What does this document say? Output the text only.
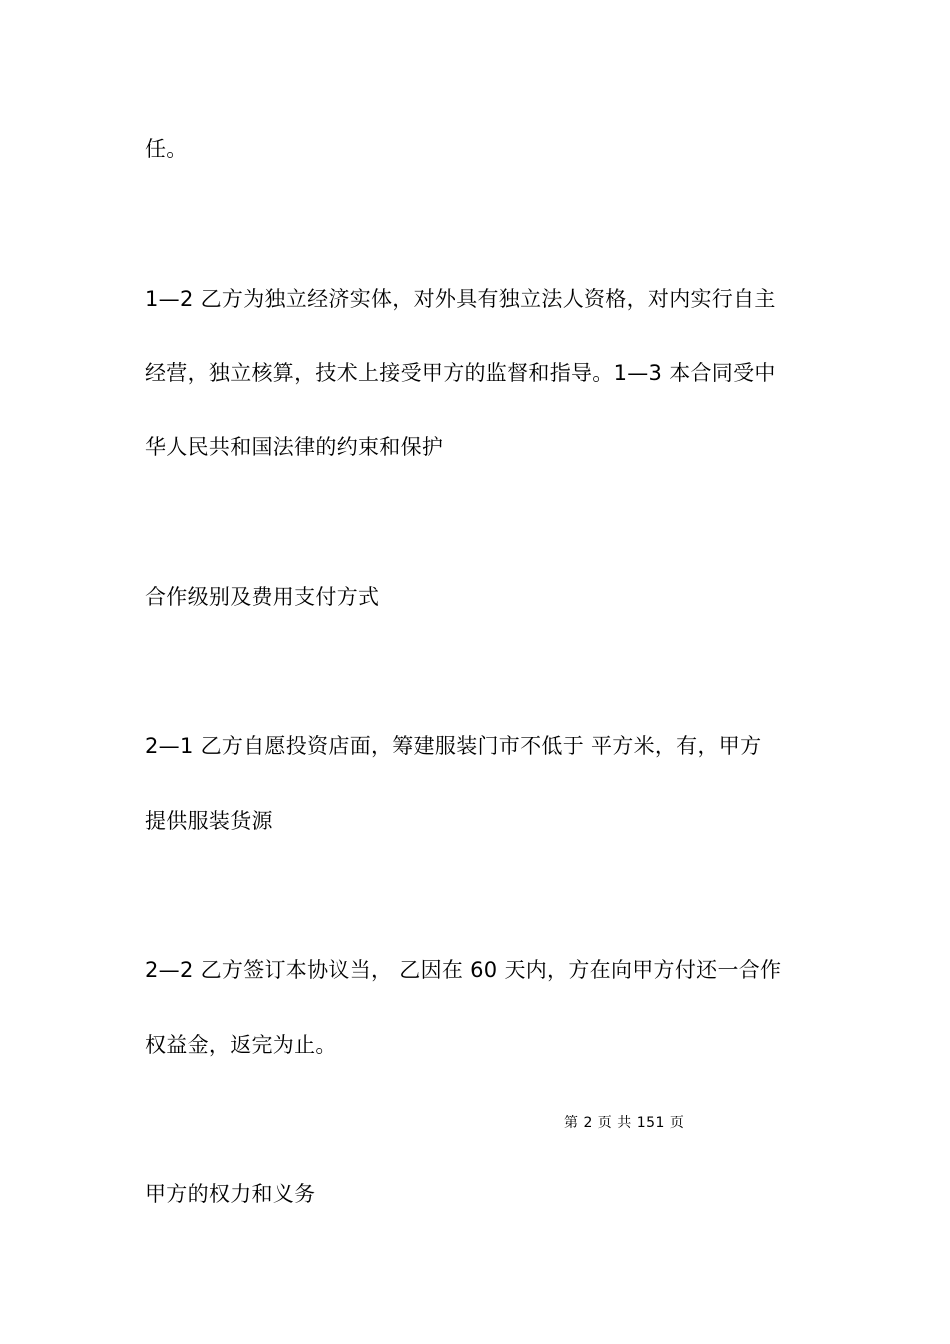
任。
1—2 乙方为独立经济实体，对外具有独立法人资格，对内实行自主
经营，独立核算，技术上接受甲方的监督和指导。1—3 本合同受中
华人民共和国法律的约束和保护
合作级别及费用支付方式
2—1 乙方自愿投资店面，筹建服装门市不低于 平方米，有，甲方
提供服装货源
2—2 乙方签订本协议当， 乙因在 60 天内，方在向甲方付还一合作
权益金，返完为止。
第 2 页 共 151 页
甲方的权力和义务
